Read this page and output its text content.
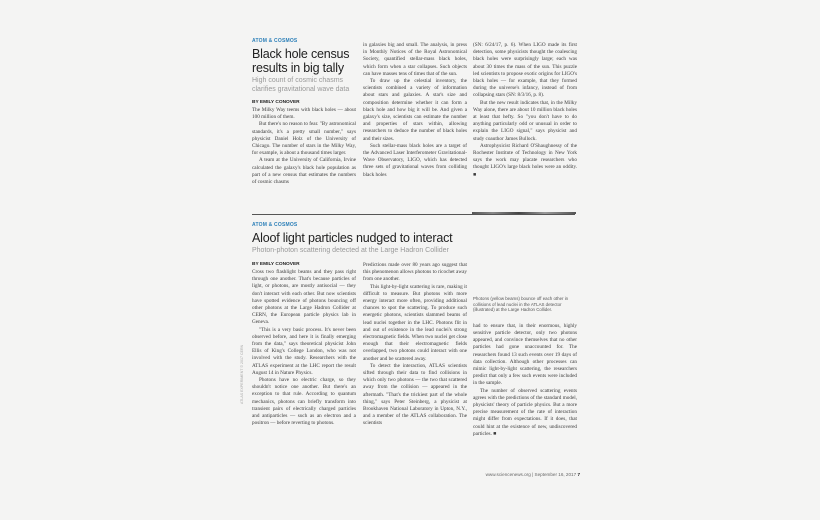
ATOM & COSMOS
Black hole census
results in big tally
High count of cosmic chasms
clarifies gravitational wave data
BY EMILY CONOVER

The Milky Way teems with black holes — about 100 million of them.

But there's no reason to fear. "By astronomical standards, it's a pretty small number," says physicist Daniel Holz of the University of Chicago. The number of stars in the Milky Way, for example, is about a thousand times larger.

A team at the University of California, Irvine calculated the galaxy's black hole population as part of a new census that estimates the numbers of cosmic chasms

in galaxies big and small. The analysis, in press in Monthly Notices of the Royal Astronomical Society, quantified stellar-mass black holes, which form when a star collapses. Such objects can have masses tens of times that of the sun.

To draw up the celestial inventory, the scientists combined a variety of information about stars and galaxies. A star's size and composition determine whether it can form a black hole and how big it will be. And given a galaxy's size, scientists can estimate the number and properties of stars within, allowing researchers to deduce the number of black holes and their sizes.

Such stellar-mass black holes are a target of the Advanced Laser Interferometer Gravitational-Wave Observatory, LIGO, which has detected three sets of gravitational waves from colliding black holes

(SN: 6/24/17, p. 6). When LIGO made its first detection, some physicists thought the coalescing black holes were surprisingly large; each was about 30 times the mass of the sun. This puzzle led scientists to propose exotic origins for LIGO's black holes — for example, that they formed during the universe's infancy, instead of from collapsing stars (SN: 8/3/16, p. 8).

But the new result indicates that, in the Milky Way alone, there are about 10 million black holes at least that hefty. So "you don't have to do anything particularly odd or unusual in order to explain the LIGO signal," says physicist and study coauthor James Bullock.

Astrophysicist Richard O'Shaughnessy of the Rochester Institute of Technology in New York says the work may placate researchers who thought LIGO's large black holes were an oddity. ■

ATOM & COSMOS
Aloof light particles nudged to interact
Photon-photon scattering detected at the Large Hadron Collider
BY EMILY CONOVER

Cross two flashlight beams and they pass right through one another. That's because particles of light, or photons, are mostly antisocial — they don't interact with each other. But now scientists have spotted evidence of photons bouncing off other photons at the Large Hadron Collider at CERN, the European particle physics lab in Geneva.

"This is a very basic process. It's never been observed before, and here it is finally emerging from the data," says theoretical physicist John Ellis of King's College London, who was not involved with the study. Researchers with the ATLAS experiment at the LHC report the result August 14 in Nature Physics.

Photons have no electric charge, so they shouldn't notice one another. But there's an exception to that rule. According to quantum mechanics, photons can briefly transform into transient pairs of electrically charged particles and antiparticles — such as an electron and a positron — before reverting to photons.

Predictions made over 80 years ago suggest that this phenomenon allows photons to ricochet away from one another.

This light-by-light scattering is rare, making it difficult to measure. But photons with more energy interact more often, providing additional chances to spot the scattering. To produce such energetic photons, scientists slammed beams of lead nuclei together in the LHC. Photons flit in and out of existence in the lead nuclei's strong electromagnetic fields. When two nuclei get close enough that their electromagnetic fields overlapped, two photons could interact with one another and be scattered away.

To detect the interaction, ATLAS scientists sifted through their data to find collisions in which only two photons — the two that scattered away from the collision — appeared in the aftermath. "That's the trickiest part of the whole thing," says Peter Steinberg, a physicist at Brookhaven National Laboratory in Upton, N.Y., and a member of the ATLAS collaboration. The scientists

Photons (yellow beams) bounce off each other in collisions of lead nuclei in the ATLAS detector (illustrated) at the Large Hadron Collider.

had to ensure that, in their enormous, highly sensitive particle detector, only two photons appeared, and convince themselves that no other particles had gone unaccounted for. The researchers found 13 such events over 19 days of data collection. Although other processes can mimic light-by-light scattering, the researchers predict that only a few such events were included in the sample.

The number of observed scattering events agrees with the predictions of the standard model, physicists' theory of particle physics. But a more precise measurement of the rate of interaction might differ from expectations. If it does, that could hint at the existence of new, undiscovered particles. ■

ATLAS EXPERIMENT © 2017 CERN
www.sciencenews.org | September 16, 2017 7
